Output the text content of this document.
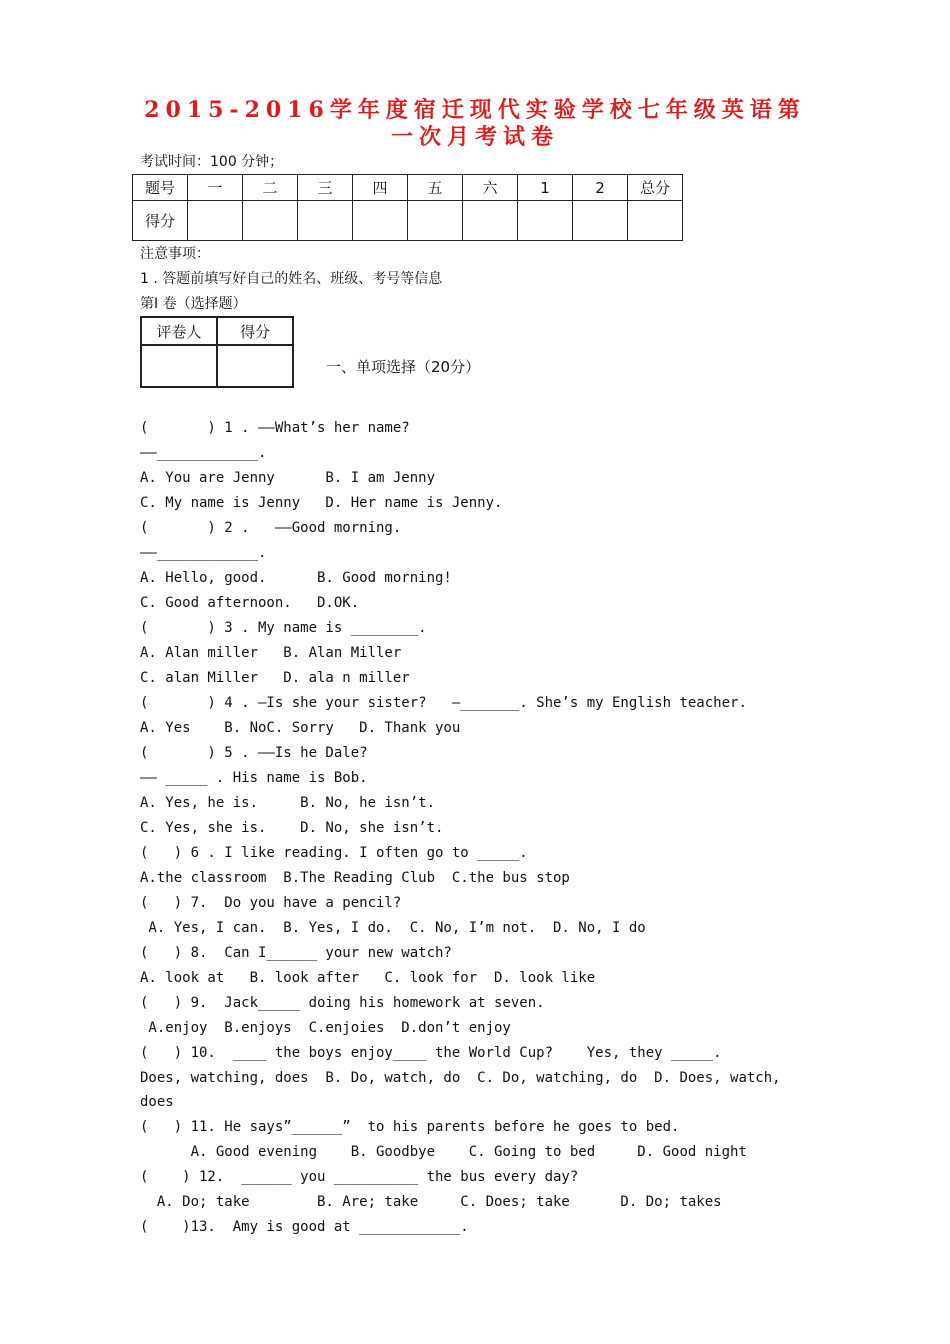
2015-2016学年度宿迁现代实验学校七年级英语第
一次月考试卷
考试时间：100 分钟；
题号	一	二	三	四	五	六	1	2	总分
得分									
注意事项：
1 . 答题前填写好自己的姓名、班级、考号等信息
第I 卷（选择题）
评卷人	得分

一、单项选择（20分）
(       ) 1 . ——What’s her name?
——____________.
A. You are Jenny      B. I am Jenny
C. My name is Jenny   D. Her name is Jenny.
(       ) 2 .   ——Good morning.
——____________.
A. Hello, good.      B. Good morning!
C. Good afternoon.   D.OK.
(       ) 3 . My name is ________.
A. Alan miller   B. Alan Miller
C. alan Miller   D. ala n miller
(       ) 4 . —Is she your sister?   —_______. She’s my English teacher.
A. Yes    B. NoC. Sorry   D. Thank you
(       ) 5 . ——Is he Dale?
—— _____ . His name is Bob.
A. Yes, he is.     B. No, he isn’t.
C. Yes, she is.    D. No, she isn’t.
(   ) 6 . I like reading. I often go to _____.
A.the classroom  B.The Reading Club  C.the bus stop
(   ) 7.  Do you have a pencil?
A. Yes, I can.  B. Yes, I do.  C. No, I’m not.  D. No, I do
(   ) 8.  Can I______ your new watch?
A. look at   B. look after   C. look for  D. look like
(   ) 9.  Jack_____ doing his homework at seven.
A.enjoy  B.enjoys  C.enjoies  D.don’t enjoy
(   ) 10.  ____ the boys enjoy____ the World Cup?    Yes, they _____.
Does, watching, does  B. Do, watch, do  C. Do, watching, do  D. Does, watch,
does
(   ) 11. He says”______”  to his parents before he goes to bed.
A. Good evening    B. Goodbye    C. Going to bed     D. Good night
(    ) 12.  ______ you __________ the bus every day?
A. Do; take        B. Are; take     C. Does; take      D. Do; takes
(    )13.  Amy is good at ____________.
